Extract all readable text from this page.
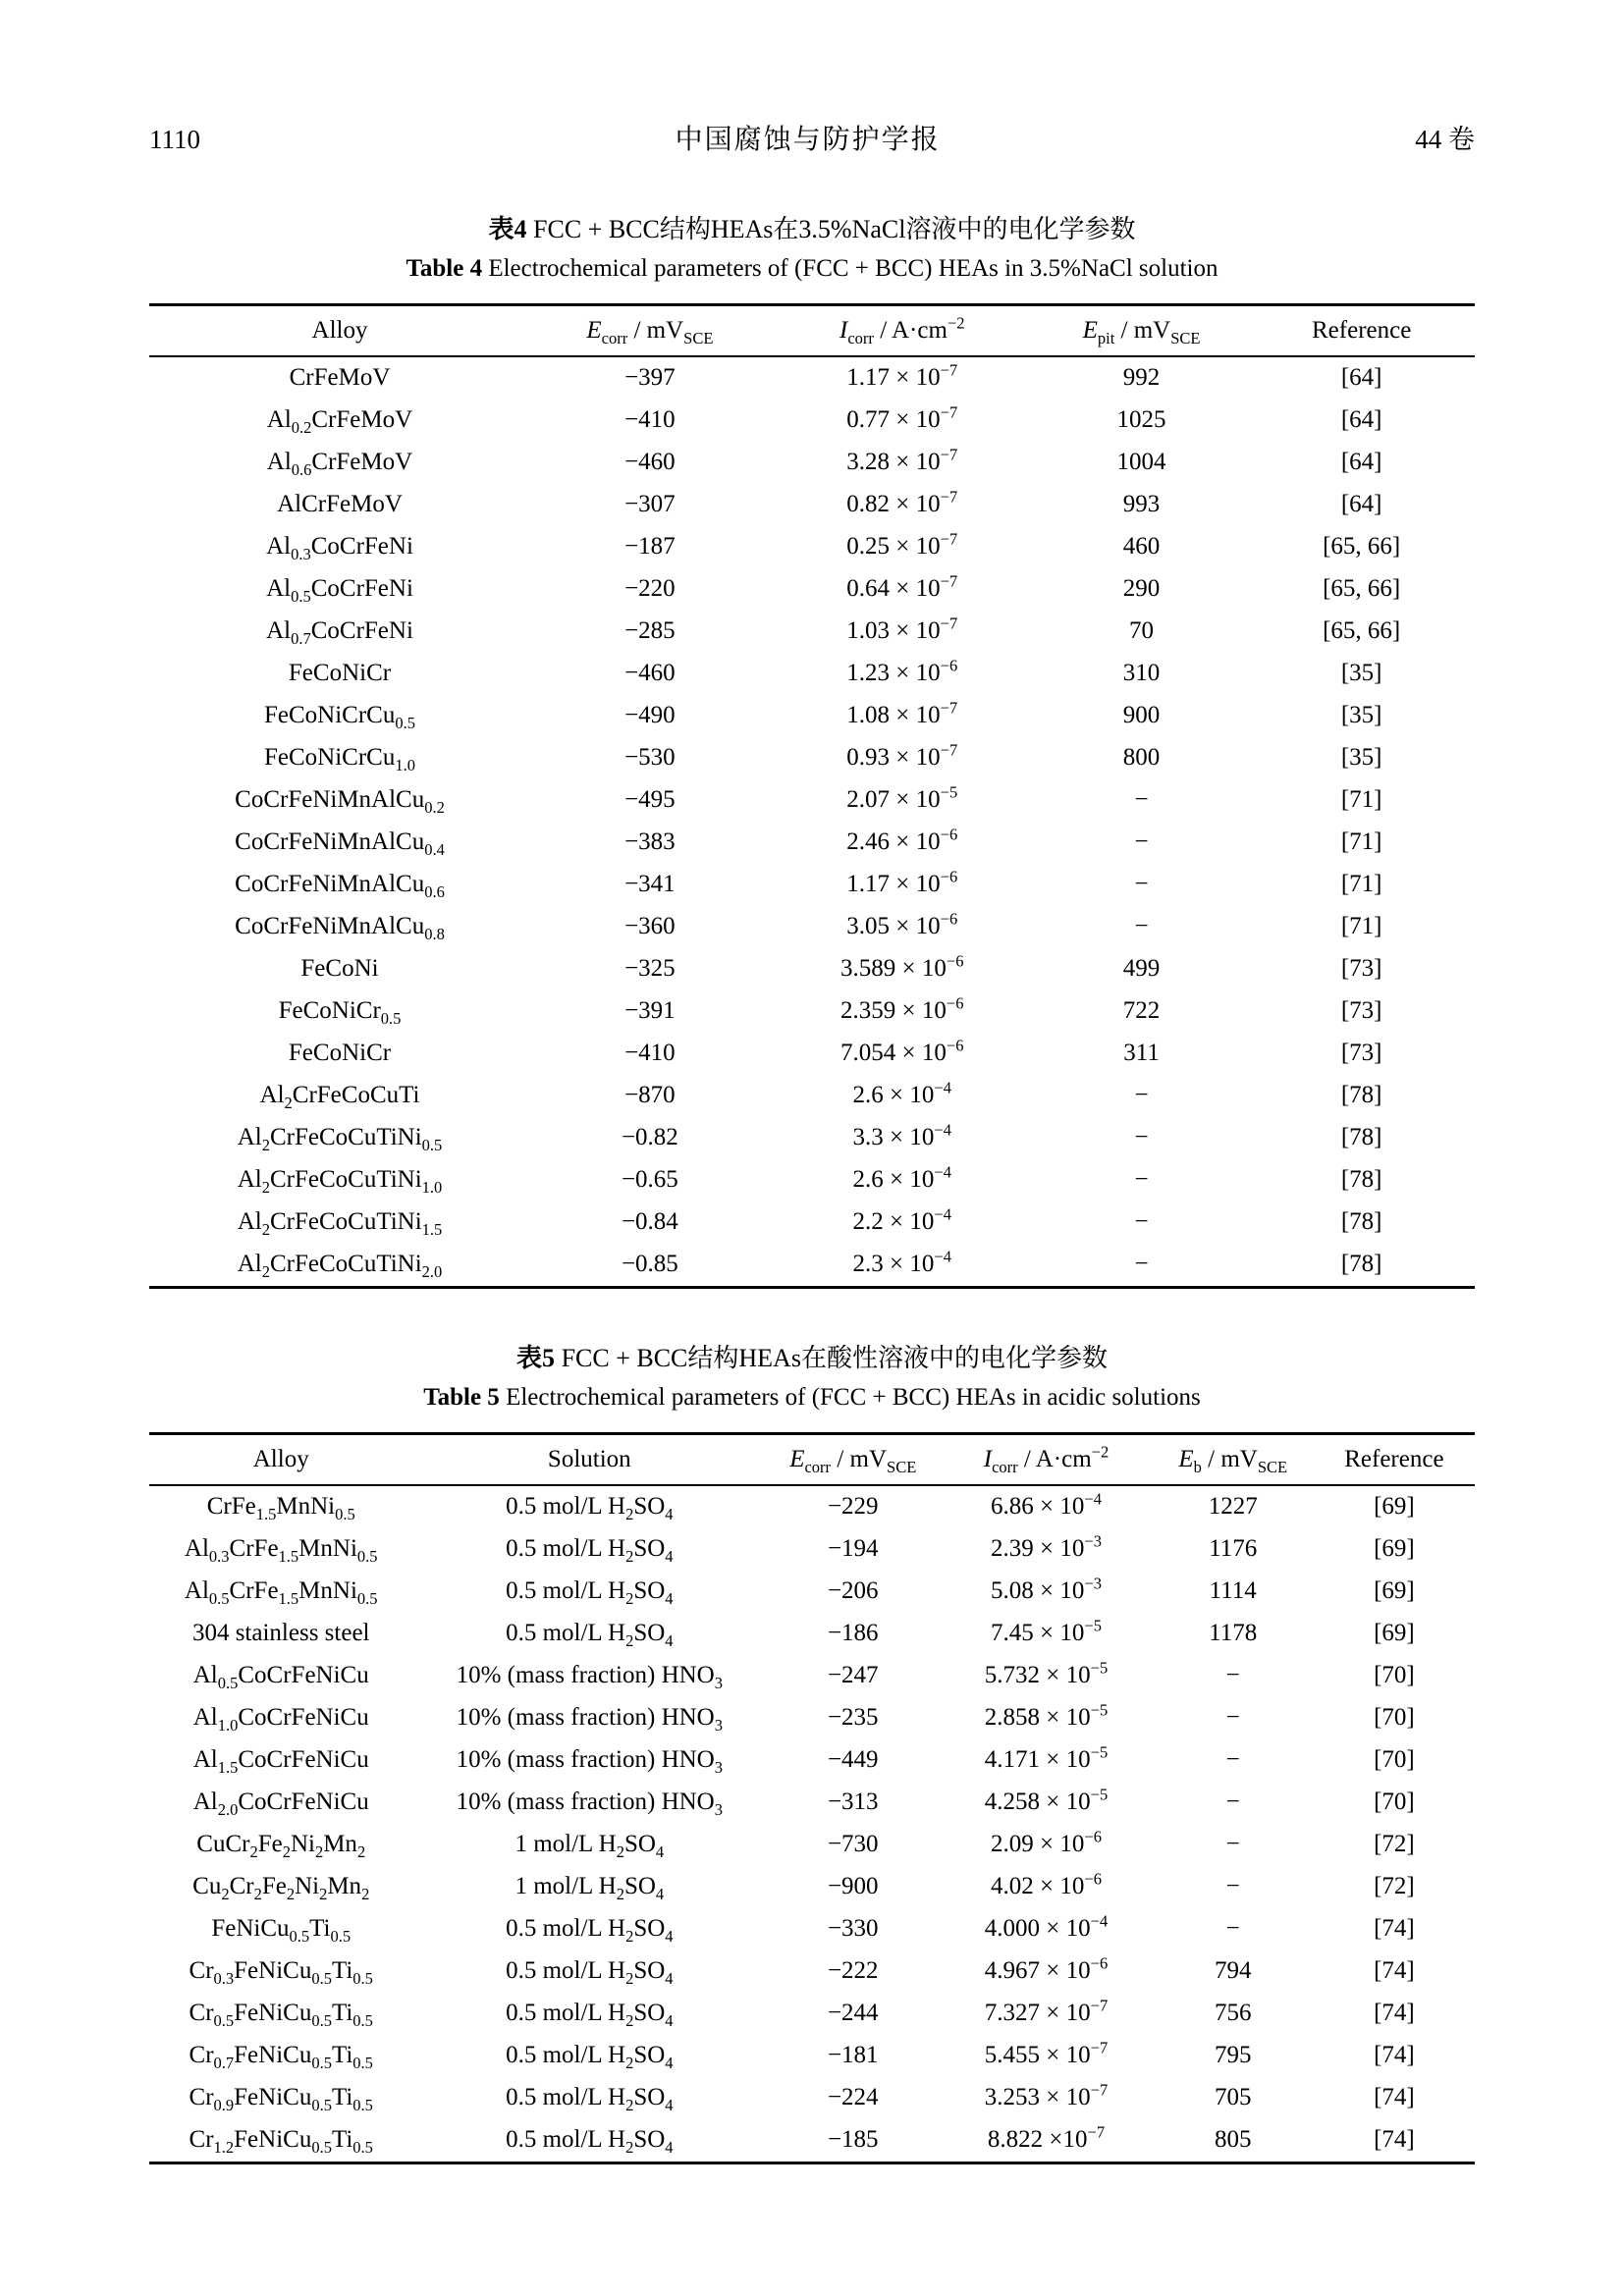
1110	中国腐蚀与防护学报	44 卷
表4 FCC + BCC结构HEAs在3.5%NaCl溶液中的电化学参数
Table 4 Electrochemical parameters of (FCC + BCC) HEAs in 3.5%NaCl solution
Alloy	$E_{corr} / mV_{SCE}$	$I_{corr} / A\cdot cm^{-2}$	$E_{pit} / mV_{SCE}$	Reference
CrFeMoV	−397	$1.17 \times 10^{-7}$	992	[64]
$Al_{0.2}CrFeMoV$	−410	$0.77 \times 10^{-7}$	1025	[64]
$Al_{0.6}CrFeMoV$	−460	$3.28 \times 10^{-7}$	1004	[64]
AlCrFeMoV	−307	$0.82 \times 10^{-7}$	993	[64]
$Al_{0.3}CoCrFeNi$	−187	$0.25 \times 10^{-7}$	460	[65, 66]
$Al_{0.5}CoCrFeNi$	−220	$0.64 \times 10^{-7}$	290	[65, 66]
$Al_{0.7}CoCrFeNi$	−285	$1.03 \times 10^{-7}$	70	[65, 66]
FeCoNiCr	−460	$1.23 \times 10^{-6}$	310	[35]
FeCoNiCrCu$_{0.5}$	−490	$1.08 \times 10^{-7}$	900	[35]
FeCoNiCrCu$_{1.0}$	−530	$0.93 \times 10^{-7}$	800	[35]
CoCrFeNiMnAlCu$_{0.2}$	−495	$2.07 \times 10^{-5}$	−	[71]
CoCrFeNiMnAlCu$_{0.4}$	−383	$2.46 \times 10^{-6}$	−	[71]
CoCrFeNiMnAlCu$_{0.6}$	−341	$1.17 \times 10^{-6}$	−	[71]
CoCrFeNiMnAlCu$_{0.8}$	−360	$3.05 \times 10^{-6}$	−	[71]
FeCoNi	−325	$3.589 \times 10^{-6}$	499	[73]
FeCoNiCr$_{0.5}$	−391	$2.359 \times 10^{-6}$	722	[73]
FeCoNiCr	−410	$7.054 \times 10^{-6}$	311	[73]
$Al_2CrFeCoCuTi$	−870	$2.6 \times 10^{-4}$	−	[78]
$Al_2CrFeCoCuTiNi_{0.5}$	−0.82	$3.3 \times 10^{-4}$	−	[78]
$Al_2CrFeCoCuTiNi_{1.0}$	−0.65	$2.6 \times 10^{-4}$	−	[78]
$Al_2CrFeCoCuTiNi_{1.5}$	−0.84	$2.2 \times 10^{-4}$	−	[78]
$Al_2CrFeCoCuTiNi_{2.0}$	−0.85	$2.3 \times 10^{-4}$	−	[78]
表5 FCC + BCC结构HEAs在酸性溶液中的电化学参数
Table 5 Electrochemical parameters of (FCC + BCC) HEAs in acidic solutions
Alloy	Solution	$E_{corr} / mV_{SCE}$	$I_{corr} / A\cdot cm^{-2}$	$E_b / mV_{SCE}$	Reference
CrFe$_{1.5}$MnNi$_{0.5}$	0.5 mol/L $H_2SO_4$	−229	$6.86 \times 10^{-4}$	1227	[69]
$Al_{0.3}CrFe_{1.5}MnNi_{0.5}$	0.5 mol/L $H_2SO_4$	−194	$2.39 \times 10^{-3}$	1176	[69]
$Al_{0.5}CrFe_{1.5}MnNi_{0.5}$	0.5 mol/L $H_2SO_4$	−206	$5.08 \times 10^{-3}$	1114	[69]
304 stainless steel	0.5 mol/L $H_2SO_4$	−186	$7.45 \times 10^{-5}$	1178	[69]
$Al_{0.5}CoCrFeNiCu$	10% (mass fraction) $HNO_3$	−247	$5.732 \times 10^{-5}$	−	[70]
$Al_{1.0}CoCrFeNiCu$	10% (mass fraction) $HNO_3$	−235	$2.858 \times 10^{-5}$	−	[70]
$Al_{1.5}CoCrFeNiCu$	10% (mass fraction) $HNO_3$	−449	$4.171 \times 10^{-5}$	−	[70]
$Al_{2.0}CoCrFeNiCu$	10% (mass fraction) $HNO_3$	−313	$4.258 \times 10^{-5}$	−	[70]
$CuCr_2Fe_2Ni_2Mn_2$	1 mol/L $H_2SO_4$	−730	$2.09 \times 10^{-6}$	−	[72]
$Cu_2Cr_2Fe_2Ni_2Mn_2$	1 mol/L $H_2SO_4$	−900	$4.02 \times 10^{-6}$	−	[72]
$FeNiCu_{0.5}Ti_{0.5}$	0.5 mol/L $H_2SO_4$	−330	$4.000 \times 10^{-4}$	−	[74]
$Cr_{0.3}FeNiCu_{0.5}Ti_{0.5}$	0.5 mol/L $H_2SO_4$	−222	$4.967 \times 10^{-6}$	794	[74]
$Cr_{0.5}FeNiCu_{0.5}Ti_{0.5}$	0.5 mol/L $H_2SO_4$	−244	$7.327 \times 10^{-7}$	756	[74]
$Cr_{0.7}FeNiCu_{0.5}Ti_{0.5}$	0.5 mol/L $H_2SO_4$	−181	$5.455 \times 10^{-7}$	795	[74]
$Cr_{0.9}FeNiCu_{0.5}Ti_{0.5}$	0.5 mol/L $H_2SO_4$	−224	$3.253 \times 10^{-7}$	705	[74]
$Cr_{1.2}FeNiCu_{0.5}Ti_{0.5}$	0.5 mol/L $H_2SO_4$	−185	$8.822 \times 10^{-7}$	805	[74]
